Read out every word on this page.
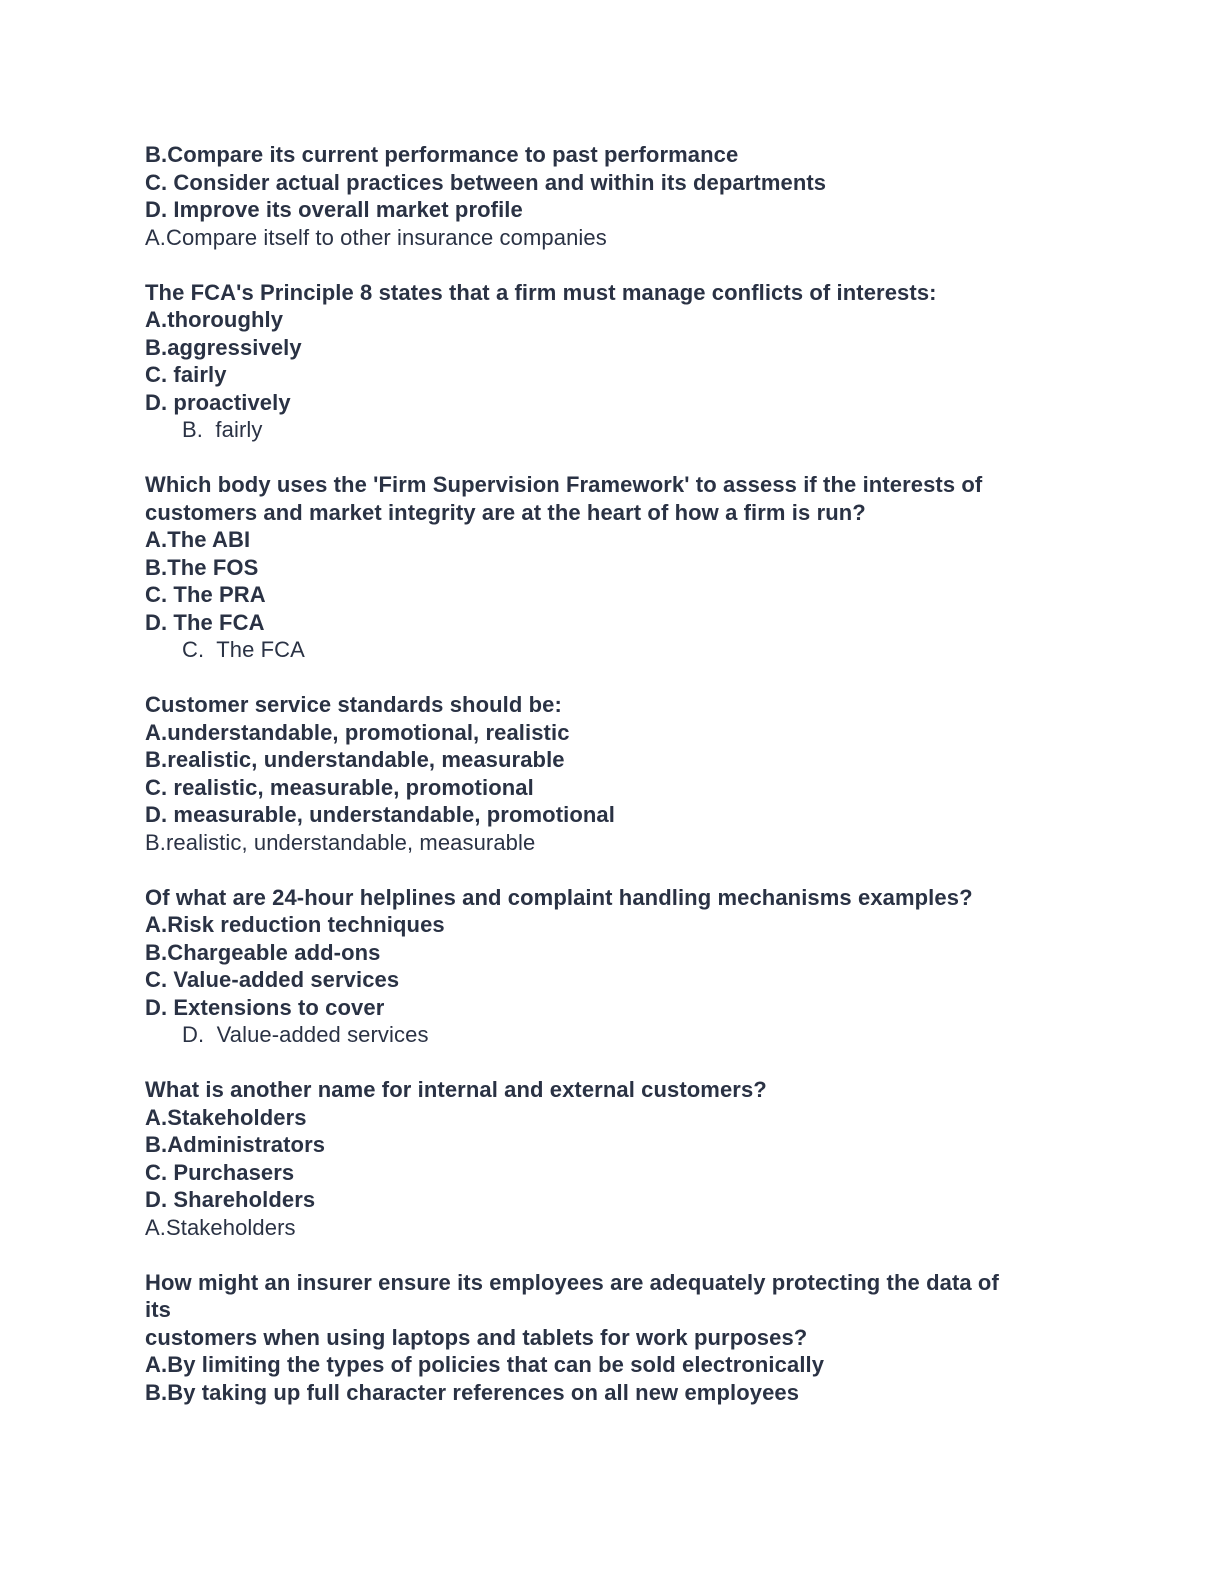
B.Compare its current performance to past performance
C. Consider actual practices between and within its departments
D. Improve its overall market profile
A.Compare itself to other insurance companies
The FCA's Principle 8 states that a firm must manage conflicts of interests:
A.thoroughly
B.aggressively
C. fairly
D. proactively
B.  fairly
Which body uses the 'Firm Supervision Framework' to assess if the interests of
customers and market integrity are at the heart of how a firm is run?
A.The ABI
B.The FOS
C. The PRA
D. The FCA
C.  The FCA
Customer service standards should be:
A.understandable, promotional, realistic
B.realistic, understandable, measurable
C. realistic, measurable, promotional
D. measurable, understandable, promotional
B.realistic, understandable, measurable
Of what are 24-hour helplines and complaint handling mechanisms examples?
A.Risk reduction techniques
B.Chargeable add-ons
C. Value-added services
D. Extensions to cover
D.  Value-added services
What is another name for internal and external customers?
A.Stakeholders
B.Administrators
C. Purchasers
D. Shareholders
A.Stakeholders
How might an insurer ensure its employees are adequately protecting the data of
its
customers when using laptops and tablets for work purposes?
A.By limiting the types of policies that can be sold electronically
B.By taking up full character references on all new employees
